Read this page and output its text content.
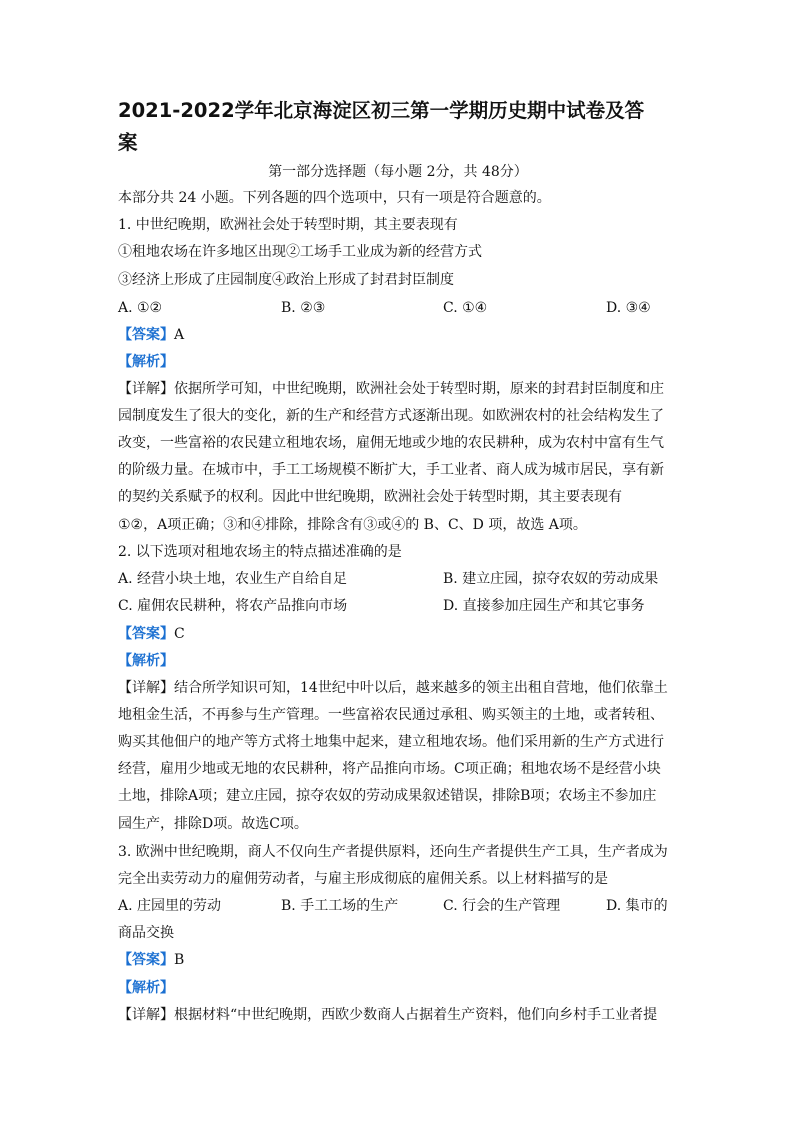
2021-2022学年北京海淀区初三第一学期历史期中试卷及答
案
第一部分选择题（每小题 2分，共 48分）
本部分共 24 小题。下列各题的四个选项中，只有一项是符合题意的。
1. 中世纪晚期，欧洲社会处于转型时期，其主要表现有
①租地农场在许多地区出现②工场手工业成为新的经营方式
③经济上形成了庄园制度④政治上形成了封君封臣制度
A. ①②	B. ②③	C. ①④	D. ③④
【答案】A
【解析】
【详解】依据所学可知，中世纪晚期，欧洲社会处于转型时期，原来的封君封臣制度和庄
园制度发生了很大的变化，新的生产和经营方式逐渐出现。如欧洲农村的社会结构发生了
改变，一些富裕的农民建立租地农场，雇佣无地或少地的农民耕种，成为农村中富有生气
的阶级力量。在城市中，手工工场规模不断扩大，手工业者、商人成为城市居民，享有新
的契约关系赋予的权利。因此中世纪晚期，欧洲社会处于转型时期，其主要表现有
①②，A项正确；③和④排除，排除含有③或④的 B、C、D 项，故选 A项。
2. 以下选项对租地农场主的特点描述准确的是
A. 经营小块土地，农业生产自给自足	B. 建立庄园，掠夺农奴的劳动成果
C. 雇佣农民耕种，将农产品推向市场	D. 直接参加庄园生产和其它事务
【答案】C
【解析】
【详解】结合所学知识可知，14世纪中叶以后，越来越多的领主出租自营地，他们依靠土
地租金生活，不再参与生产管理。一些富裕农民通过承租、购买领主的土地，或者转租、
购买其他佃户的地产等方式将土地集中起来，建立租地农场。他们采用新的生产方式进行
经营，雇用少地或无地的农民耕种，将产品推向市场。C项正确；租地农场不是经营小块
土地，排除A项；建立庄园，掠夺农奴的劳动成果叙述错误，排除B项；农场主不参加庄
园生产，排除D项。故选C项。
3. 欧洲中世纪晚期，商人不仅向生产者提供原料，还向生产者提供生产工具，生产者成为
完全出卖劳动力的雇佣劳动者，与雇主形成彻底的雇佣关系。以上材料描写的是
A. 庄园里的劳动	B. 手工工场的生产	C. 行会的生产管理	D. 集市的
商品交换
【答案】B
【解析】
【详解】根据材料“中世纪晚期，西欧少数商人占据着生产资料，他们向乡村手工业者提
